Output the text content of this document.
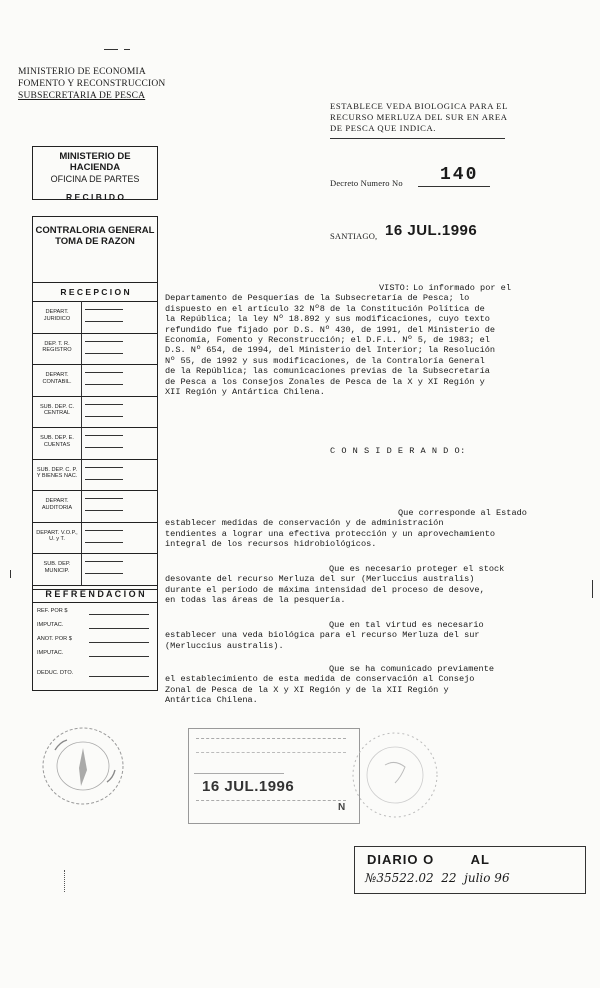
MINISTERIO DE ECONOMIA
FOMENTO Y RECONSTRUCCION
SUBSECRETARIA DE PESCA
ESTABLECE VEDA BIOLOGICA PARA EL
RECURSO MERLUZA DEL SUR EN AREA
DE PESCA QUE INDICA.
MINISTERIO DE HACIENDA
OFICINA DE PARTES
R E C I B I D O
Decreto Numero No 140
SANTIAGO, 16 JUL.1996
CONTRALORIA GENERAL
TOMA DE RAZON
R E C E P C I O N
DEPART. JURIDICO
DEP. T. R. REGISTRO
DEPART. CONTABIL.
SUB. DEP. C. CENTRAL
SUB. DEP. E. CUENTAS
SUB. DEP. C. P. Y BIENES NAC.
DEPART. AUDITORIA
DEPART. V.O.P., U. y T.
SUB. DEP. MUNICIP.
R E F R E N D A C I O N
REF. POR $
IMPUTAC.
ANOT. POR $
IMPUTAC.
DEDUC. DTO.
VISTO: Lo informado por el
Departamento de Pesquerías de la Subsecretaría de Pesca; lo
dispuesto en el artículo 32 Nº8 de la Constitución Política de
la República; la ley Nº 18.892 y sus modificaciones, cuyo texto
refundido fue fijado por D.S. Nº 430, de 1991, del Ministerio de
Economía, Fomento y Reconstrucción; el D.F.L. Nº 5, de 1983; el
D.S. Nº 654, de 1994, del Ministerio del Interior; la Resolución
Nº 55, de 1992 y sus modificaciones, de la Contraloría General
de la República; las comunicaciones previas de la Subsecretaría
de Pesca a los Consejos Zonales de Pesca de la X y XI Región y
XII Región y Antártica Chilena.
C O N S I D E R A N D O:
Que corresponde al Estado
establecer medidas de conservación y de administración
tendientes a lograr una efectiva protección y un aprovechamiento
integral de los recursos hidrobiológicos.
Que es necesario proteger el stock
desovante del recurso Merluza del sur (Merluccius australis)
durante el período de máxima intensidad del proceso de desove,
en todas las áreas de la pesquería.
Que en tal virtud es necesario
establecer una veda biológica para el recurso Merluza del sur
(Merluccius australis).
Que se ha comunicado previamente
el establecimiento de esta medida de conservación al Consejo
Zonal de Pesca de la X y XI Región y de la XII Región y
Antártica Chilena.
16 JUL.1996
N
DIARIO O        AL
№35522.02  22  julio 96
